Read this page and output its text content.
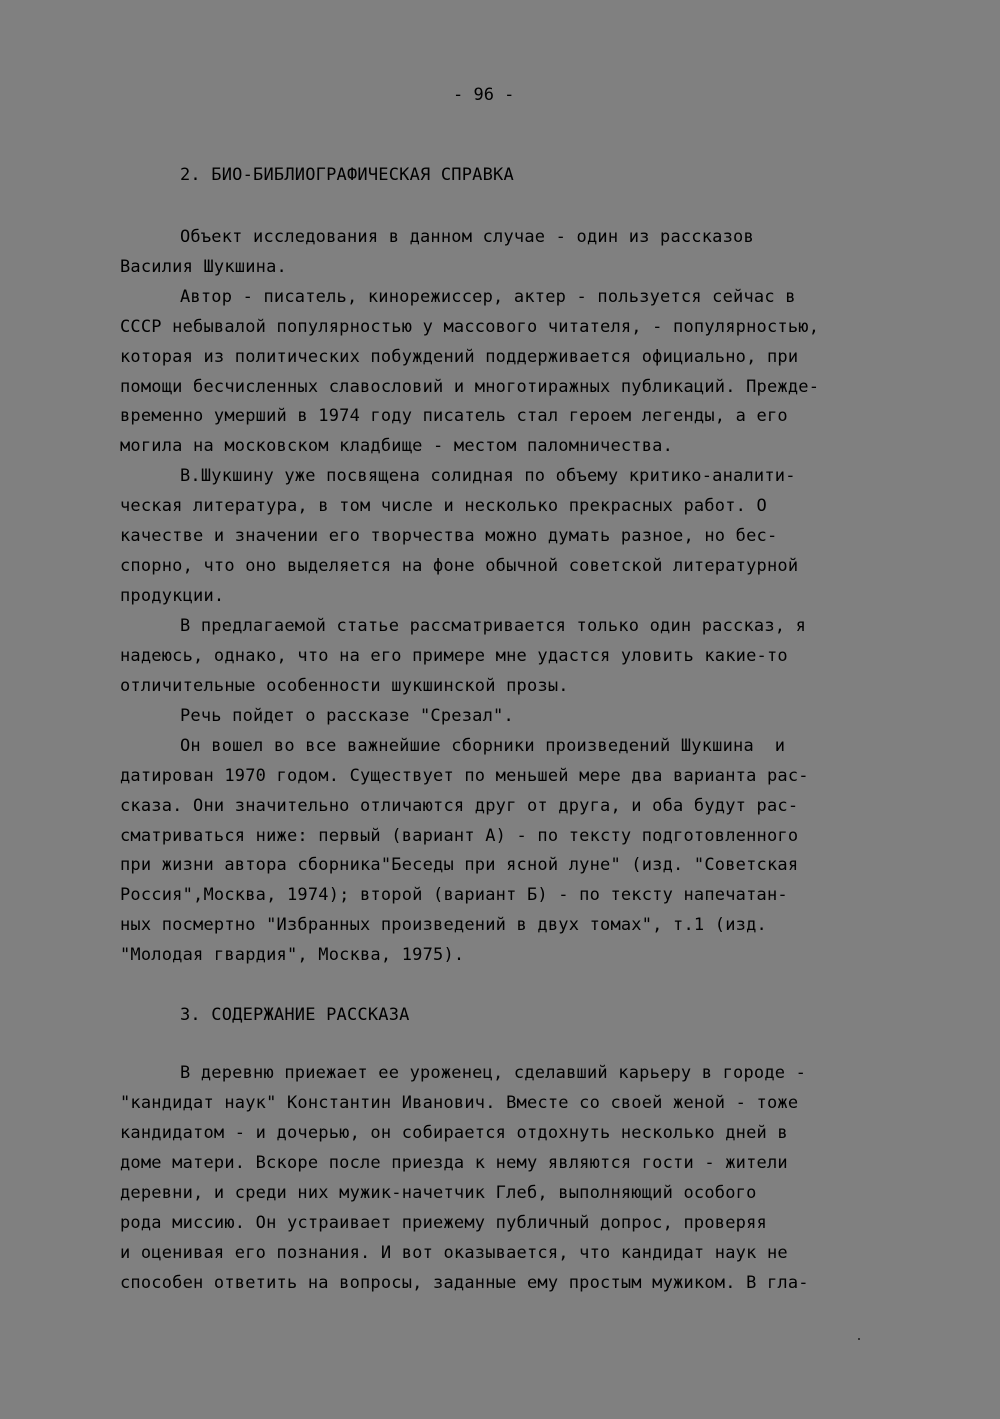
- 96 -
2. БИО-БИБЛИОГРАФИЧЕСКАЯ СПРАВКА
Объект исследования в данном случае - один из рассказов
Василия Шукшина.
Автор - писатель, кинорежиссер, актер - пользуется сейчас в
СССР небывалой популярностью у массового читателя, - популярностью,
которая из политических побуждений поддерживается официально, при
помощи бесчисленных славословий и многотиражных публикаций. Прежде-
временно умерший в 1974 году писатель стал героем легенды, а его
могила на московском кладбище - местом паломничества.
В.Шукшину уже посвящена солидная по объему критико-аналити-
ческая литература, в том числе и несколько прекрасных работ. О
качестве и значении его творчества можно думать разное, но бес-
спорно, что оно выделяется на фоне обычной советской литературной
продукции.
В предлагаемой статье рассматривается только один рассказ, я
надеюсь, однако, что на его примере мне удастся уловить какие-то
отличительные особенности шукшинской прозы.
Речь пойдет о рассказе "Срезал".
Он вошел во все важнейшие сборники произведений Шукшина  и
датирован 1970 годом. Существует по меньшей мере два варианта рас-
сказа. Они значительно отличаются друг от друга, и оба будут рас-
сматриваться ниже: первый (вариант А) - по тексту подготовленного
при жизни автора сборника"Беседы при ясной луне" (изд. "Советская
Россия",Москва, 1974); второй (вариант Б) - по тексту напечатан-
ных посмертно "Избранных произведений в двух томах", т.1 (изд.
"Молодая гвардия", Москва, 1975).
3. СОДЕРЖАНИЕ РАССКАЗА
В деревню приежает ее уроженец, сделавший карьеру в городе -
"кандидат наук" Константин Иванович. Вместе со своей женой - тоже
кандидатом - и дочерью, он собирается отдохнуть несколько дней в
доме матери. Вскоре после приезда к нему являются гости - жители
деревни, и среди них мужик-начетчик Глеб, выполняющий особого
рода миссию. Он устраивает приежему публичный допрос, проверяя
и оценивая его познания. И вот оказывается, что кандидат наук не
способен ответить на вопросы, заданные ему простым мужиком. В гла-
